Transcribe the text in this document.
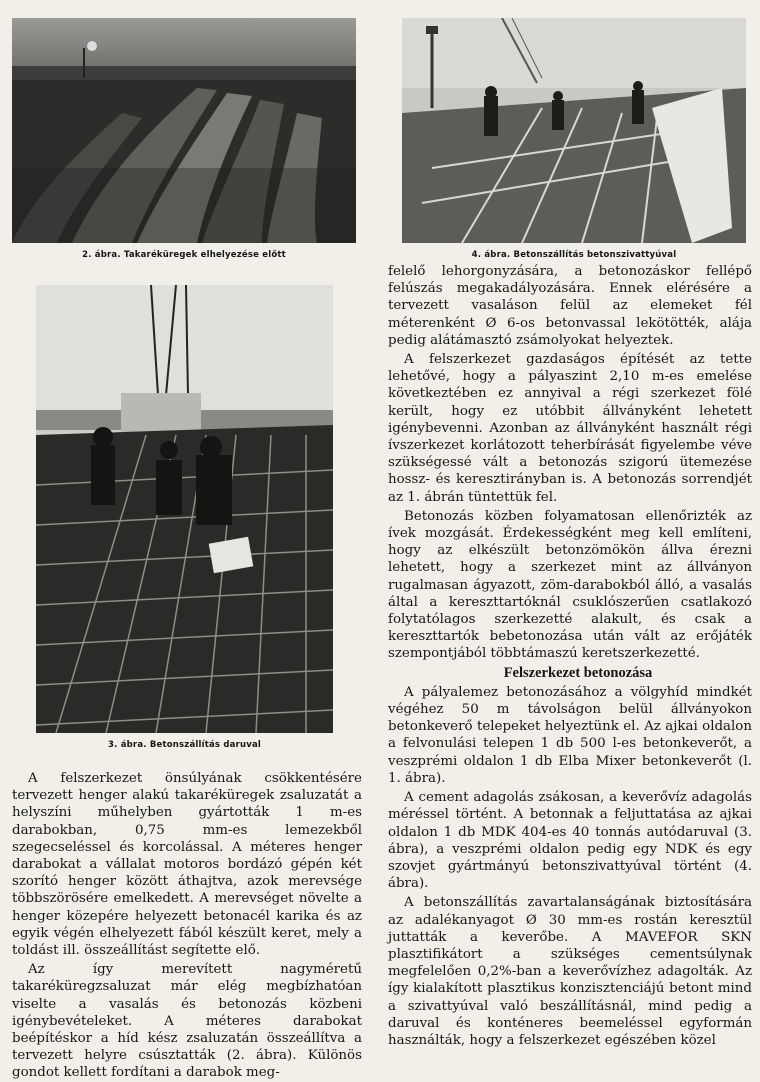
2. ábra. Takaréküregek elhelyezése előtt	4. ábra. Betonszállítás betonszivattyúval
3. ábra. Betonszállítás daruval

felelő lehorgonyzására, a betonozáskor fellépő felúszás megakadályozására. Ennek elérésére a tervezett vasaláson felül az elemeket fél méterenként Ø 6-os betonvassal lekötötték, alája pedig alátámasztó zsámolyokat helyeztek.

A felszerkezet gazdaságos építését az tette lehetővé, hogy a pályaszint 2,10 m-es emelése következtében ez annyival a régi szerkezet fölé került, hogy ez utóbbit állványként lehetett igénybevenni. Azonban az állványként használt régi ívszerkezet korlátozott teherbírását figyelembe véve szükségessé vált a betonozás szigorú ütemezése hossz- és keresztirányban is. A betonozás sorrendjét az 1. ábrán tüntettük fel.

Betonozás közben folyamatosan ellenőrizték az ívek mozgását. Érdekességként meg kell említeni, hogy az elkészült betonzömökön állva érezni lehetett, hogy a szerkezet mint az állványon rugalmasan ágyazott, zöm-darabokból álló, a vasalás által a kereszttartóknál csuklószerűen csatlakozó folytatólagos szerkezetté alakult, és csak a kereszttartók bebetonozása után vált az erőjáték szempontjából többtámaszú keretszerkezetté.

Felszerkezet betonozása

A pályalemez betonozásához a völgyhíd mindkét végéhez 50 m távolságon belül állványokon betonkeverő telepeket helyeztünk el. Az ajkai oldalon a felvonulási telepen 1 db 500 l-es betonkeverőt, a veszprémi oldalon 1 db Elba Mixer betonkeverőt (l. 1. ábra).

A cement adagolás zsákosan, a keverővíz adagolás méréssel történt. A betonnak a feljuttatása az ajkai oldalon 1 db MDK 404-es 40 tonnás autódaruval (3. ábra), a veszprémi oldalon pedig egy NDK és egy szovjet gyártmányú betonszivattyúval történt (4. ábra).

A betonszállítás zavartalanságának biztosítására az adalékanyagot Ø 30 mm-es rostán keresztül juttatták a keverőbe. A MAVEFOR SKN plasztifikátort a szükséges cementsúlynak megfelelően 0,2%-ban a keverővízhez adagolták. Az így kialakított plasztikus konzisztenciájú betont mind a szivattyúval való beszállításnál, mind pedig a daruval és konténeres beemeléssel egyformán használták, hogy a felszerkezet egészében közel

A felszerkezet önsúlyának csökkentésére tervezett henger alakú takaréküregek zsaluzatát a helyszíni műhelyben gyártották 1 m-es darabokban, 0,75 mm-es lemezekből szegecseléssel és korcolással. A méteres henger darabokat a vállalat motoros bordázó gépén két szorító henger között áthajtva, azok merevsége többszörösére emelkedett. A merevséget növelte a henger közepére helyezett betonacél karika és az egyik végén elhelyezett fából készült keret, mely a toldást ill. összeállítást segítette elő.

Az így merevített nagyméretű takaréküregzsaluzat már elég megbízhatóan viselte a vasalás és betonozás közbeni igénybevételeket. A méteres darabokat beépítéskor a híd kész zsaluzatán összeállítva a tervezett helyre csúsztatták (2. ábra). Különös gondot kellett fordítani a darabok meg-
